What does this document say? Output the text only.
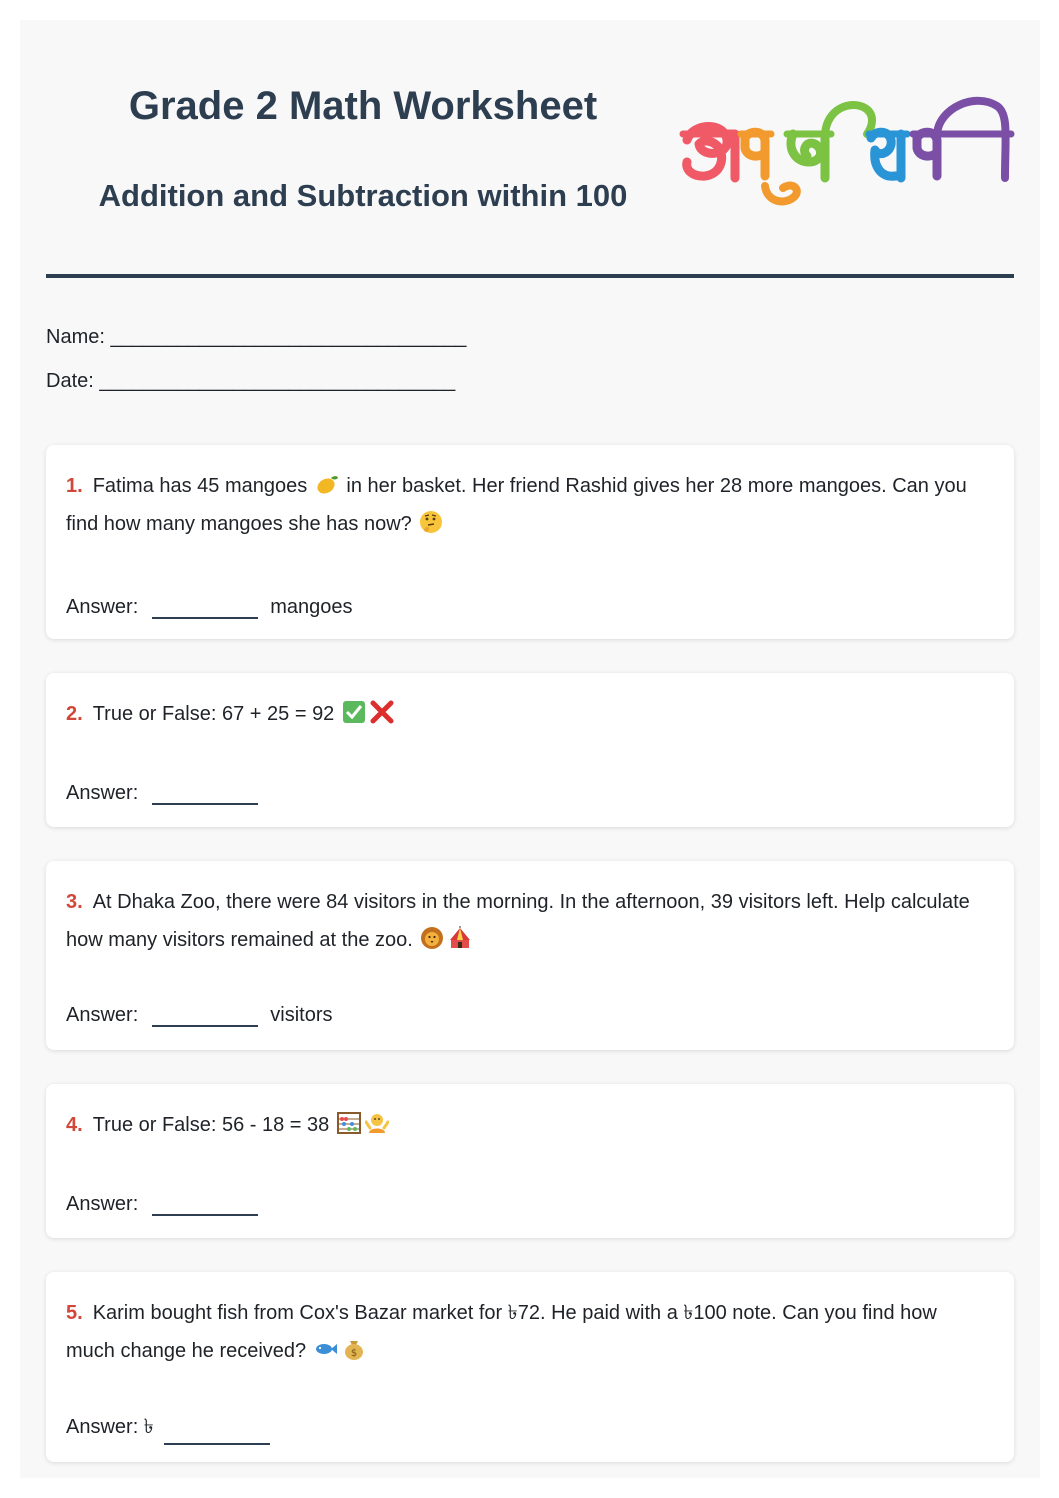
Grade 2 Math Worksheet
Addition and Subtraction within 100
Name: ________________________________
Date: ________________________________

1. Fatima has 45 mangoes in her basket. Her friend Rashid gives her 28 more mangoes. Can you find how many mangoes she has now?

Answer:	mangoes

2. True or False: 67 + 25 = 92

Answer:

3. At Dhaka Zoo, there were 84 visitors in the morning. In the afternoon, 39 visitors left. Help calculate how many visitors remained at the zoo.

Answer:	visitors

4. True or False: 56 - 18 = 38

Answer:

5. Karim bought fish from Cox's Bazar market for ৳72. He paid with a ৳100 note. Can you find how much change he received?	$

Answer: ৳
